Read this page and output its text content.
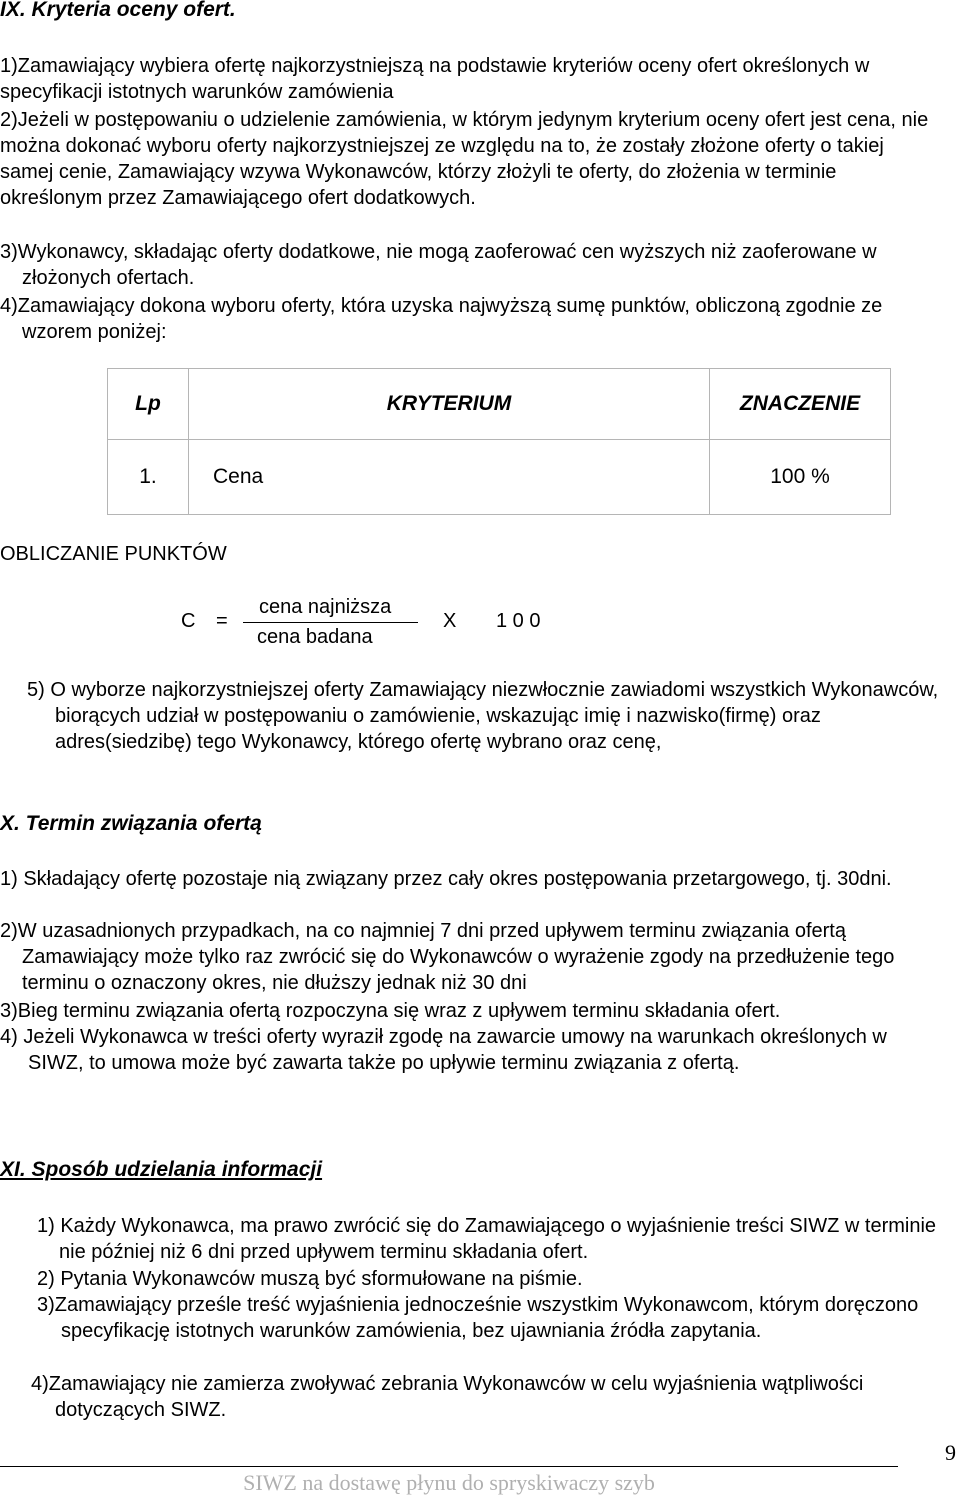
IX. Kryteria oceny ofert.
1)Zamawiający wybiera ofertę najkorzystniejszą na podstawie kryteriów oceny ofert określonych w specyfikacji istotnych warunków zamówienia
2)Jeżeli w postępowaniu o udzielenie zamówienia, w którym jedynym kryterium oceny ofert jest cena, nie można dokonać wyboru oferty najkorzystniejszej ze względu na to, że zostały złożone oferty o takiej samej cenie, Zamawiający wzywa Wykonawców, którzy złożyli te oferty, do złożenia w terminie określonym przez Zamawiającego ofert dodatkowych.
3)Wykonawcy, składając oferty dodatkowe, nie mogą zaoferować cen wyższych niż zaoferowane w złożonych ofertach.
4)Zamawiający dokona wyboru oferty, która uzyska najwyższą sumę punktów, obliczoną zgodnie ze wzorem poniżej:
Lp	KRYTERIUM	ZNACZENIE
1.	Cena	100 %
OBLICZANIE PUNKTÓW
C =
cena najniższa
cena badana
X 1 0 0
5) O wyborze najkorzystniejszej oferty Zamawiający niezwłocznie zawiadomi wszystkich Wykonawców, biorących udział w postępowaniu o zamówienie, wskazując imię i nazwisko(firmę) oraz adres(siedzibę) tego Wykonawcy, którego ofertę wybrano oraz cenę,
X. Termin związania ofertą
1) Składający ofertę pozostaje nią związany przez cały okres postępowania przetargowego, tj. 30dni.
2)W uzasadnionych przypadkach, na co najmniej 7 dni przed upływem terminu związania ofertą Zamawiający może tylko raz zwrócić się do Wykonawców o wyrażenie zgody na przedłużenie tego terminu o oznaczony okres, nie dłuższy jednak niż 30 dni
3)Bieg terminu związania ofertą rozpoczyna się wraz z upływem terminu składania ofert.
4) Jeżeli Wykonawca w treści oferty wyraził zgodę na zawarcie umowy na warunkach określonych w SIWZ, to umowa może być zawarta także po upływie terminu związania z ofertą.
XI. Sposób udzielania informacji
1) Każdy Wykonawca, ma prawo zwrócić się do Zamawiającego o wyjaśnienie treści SIWZ w terminie nie później niż 6 dni przed upływem terminu składania ofert.
2) Pytania Wykonawców muszą być sformułowane na piśmie.
3)Zamawiający prześle treść wyjaśnienia jednocześnie wszystkim Wykonawcom, którym doręczono specyfikację istotnych warunków zamówienia, bez ujawniania źródła zapytania.
4)Zamawiający nie zamierza zwoływać zebrania Wykonawców w celu wyjaśnienia wątpliwości dotyczących SIWZ.
9
SIWZ na dostawę płynu do spryskiwaczy szyb
